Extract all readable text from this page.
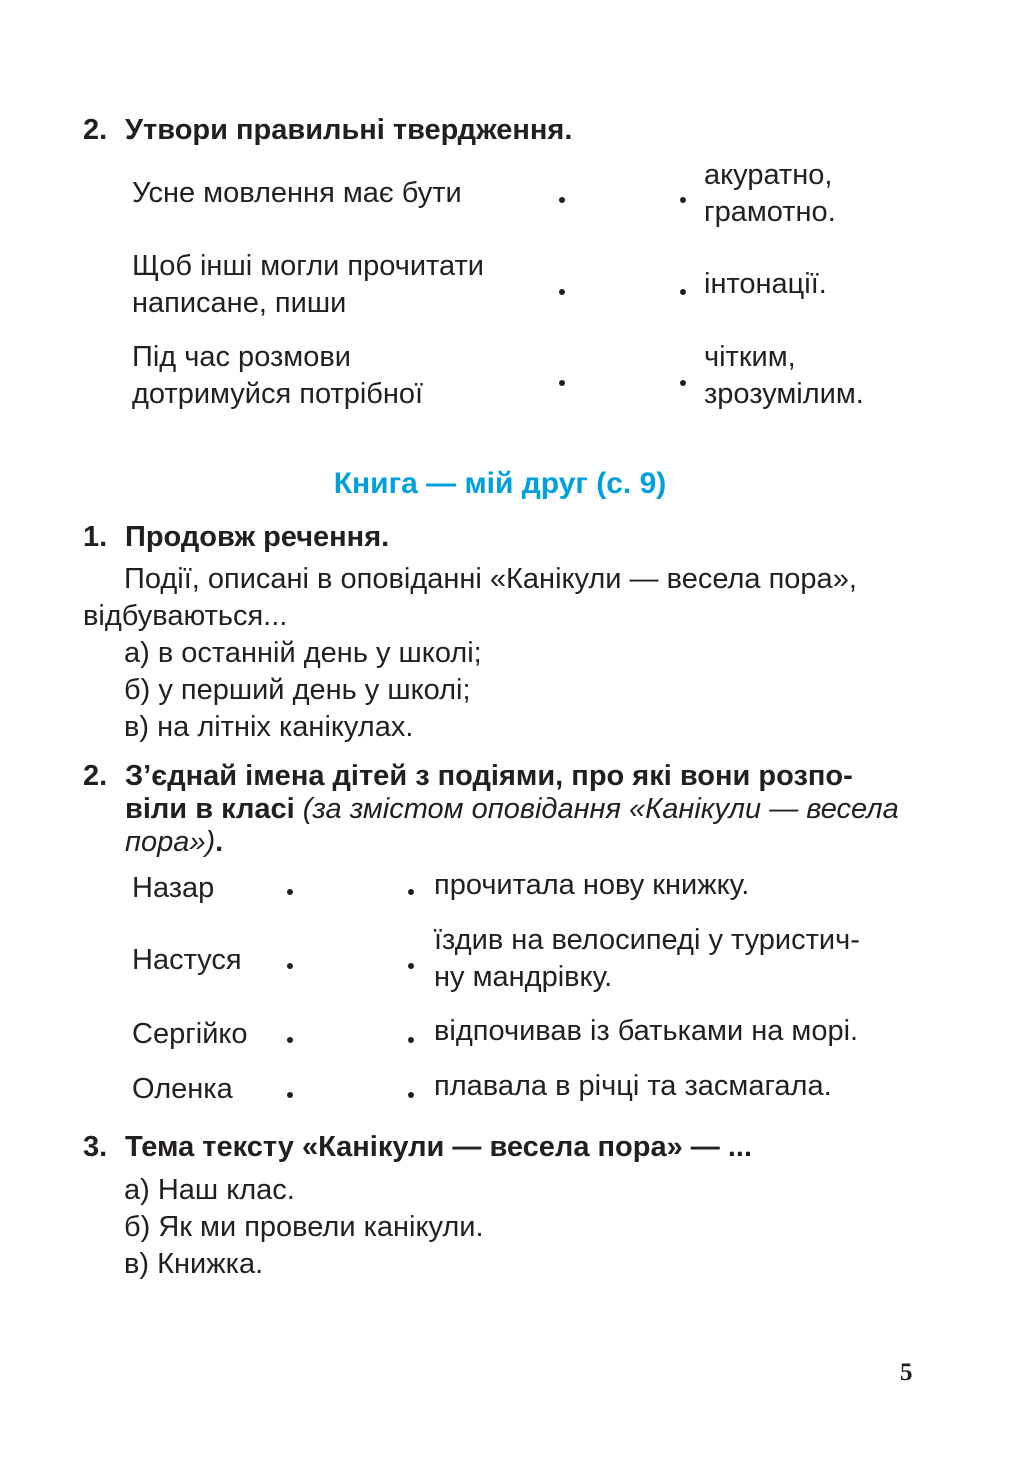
2. Утвори правильні твердження.
Усне мовлення має бути
Щоб інші могли прочитати
написане, пиши
Під час розмови
дотримуйся потрібної
акуратно,
грамотно.
інтонації.
чітким,
зрозумілим.
Книга — мій друг (с. 9)
1. Продовж речення.
Події, описані в оповіданні «Канікули — весела пора»,
відбуваються...
а) в останній день у школі;
б) у перший день у школі;
в) на літніх канікулах.
2. З’єднай імена дітей з подіями, про які вони розпо-
віли в класі (за змістом оповідання «Канікули — весела
пора»).
Назар
Настуся
Сергійко
Оленка
прочитала нову книжку.
їздив на велосипеді у туристич-
ну мандрівку.
відпочивав із батьками на морі.
плавала в річці та засмагала.
3. Тема тексту «Канікули — весела пора» — ...
а) Наш клас.
б) Як ми провели канікули.
в) Книжка.
5
